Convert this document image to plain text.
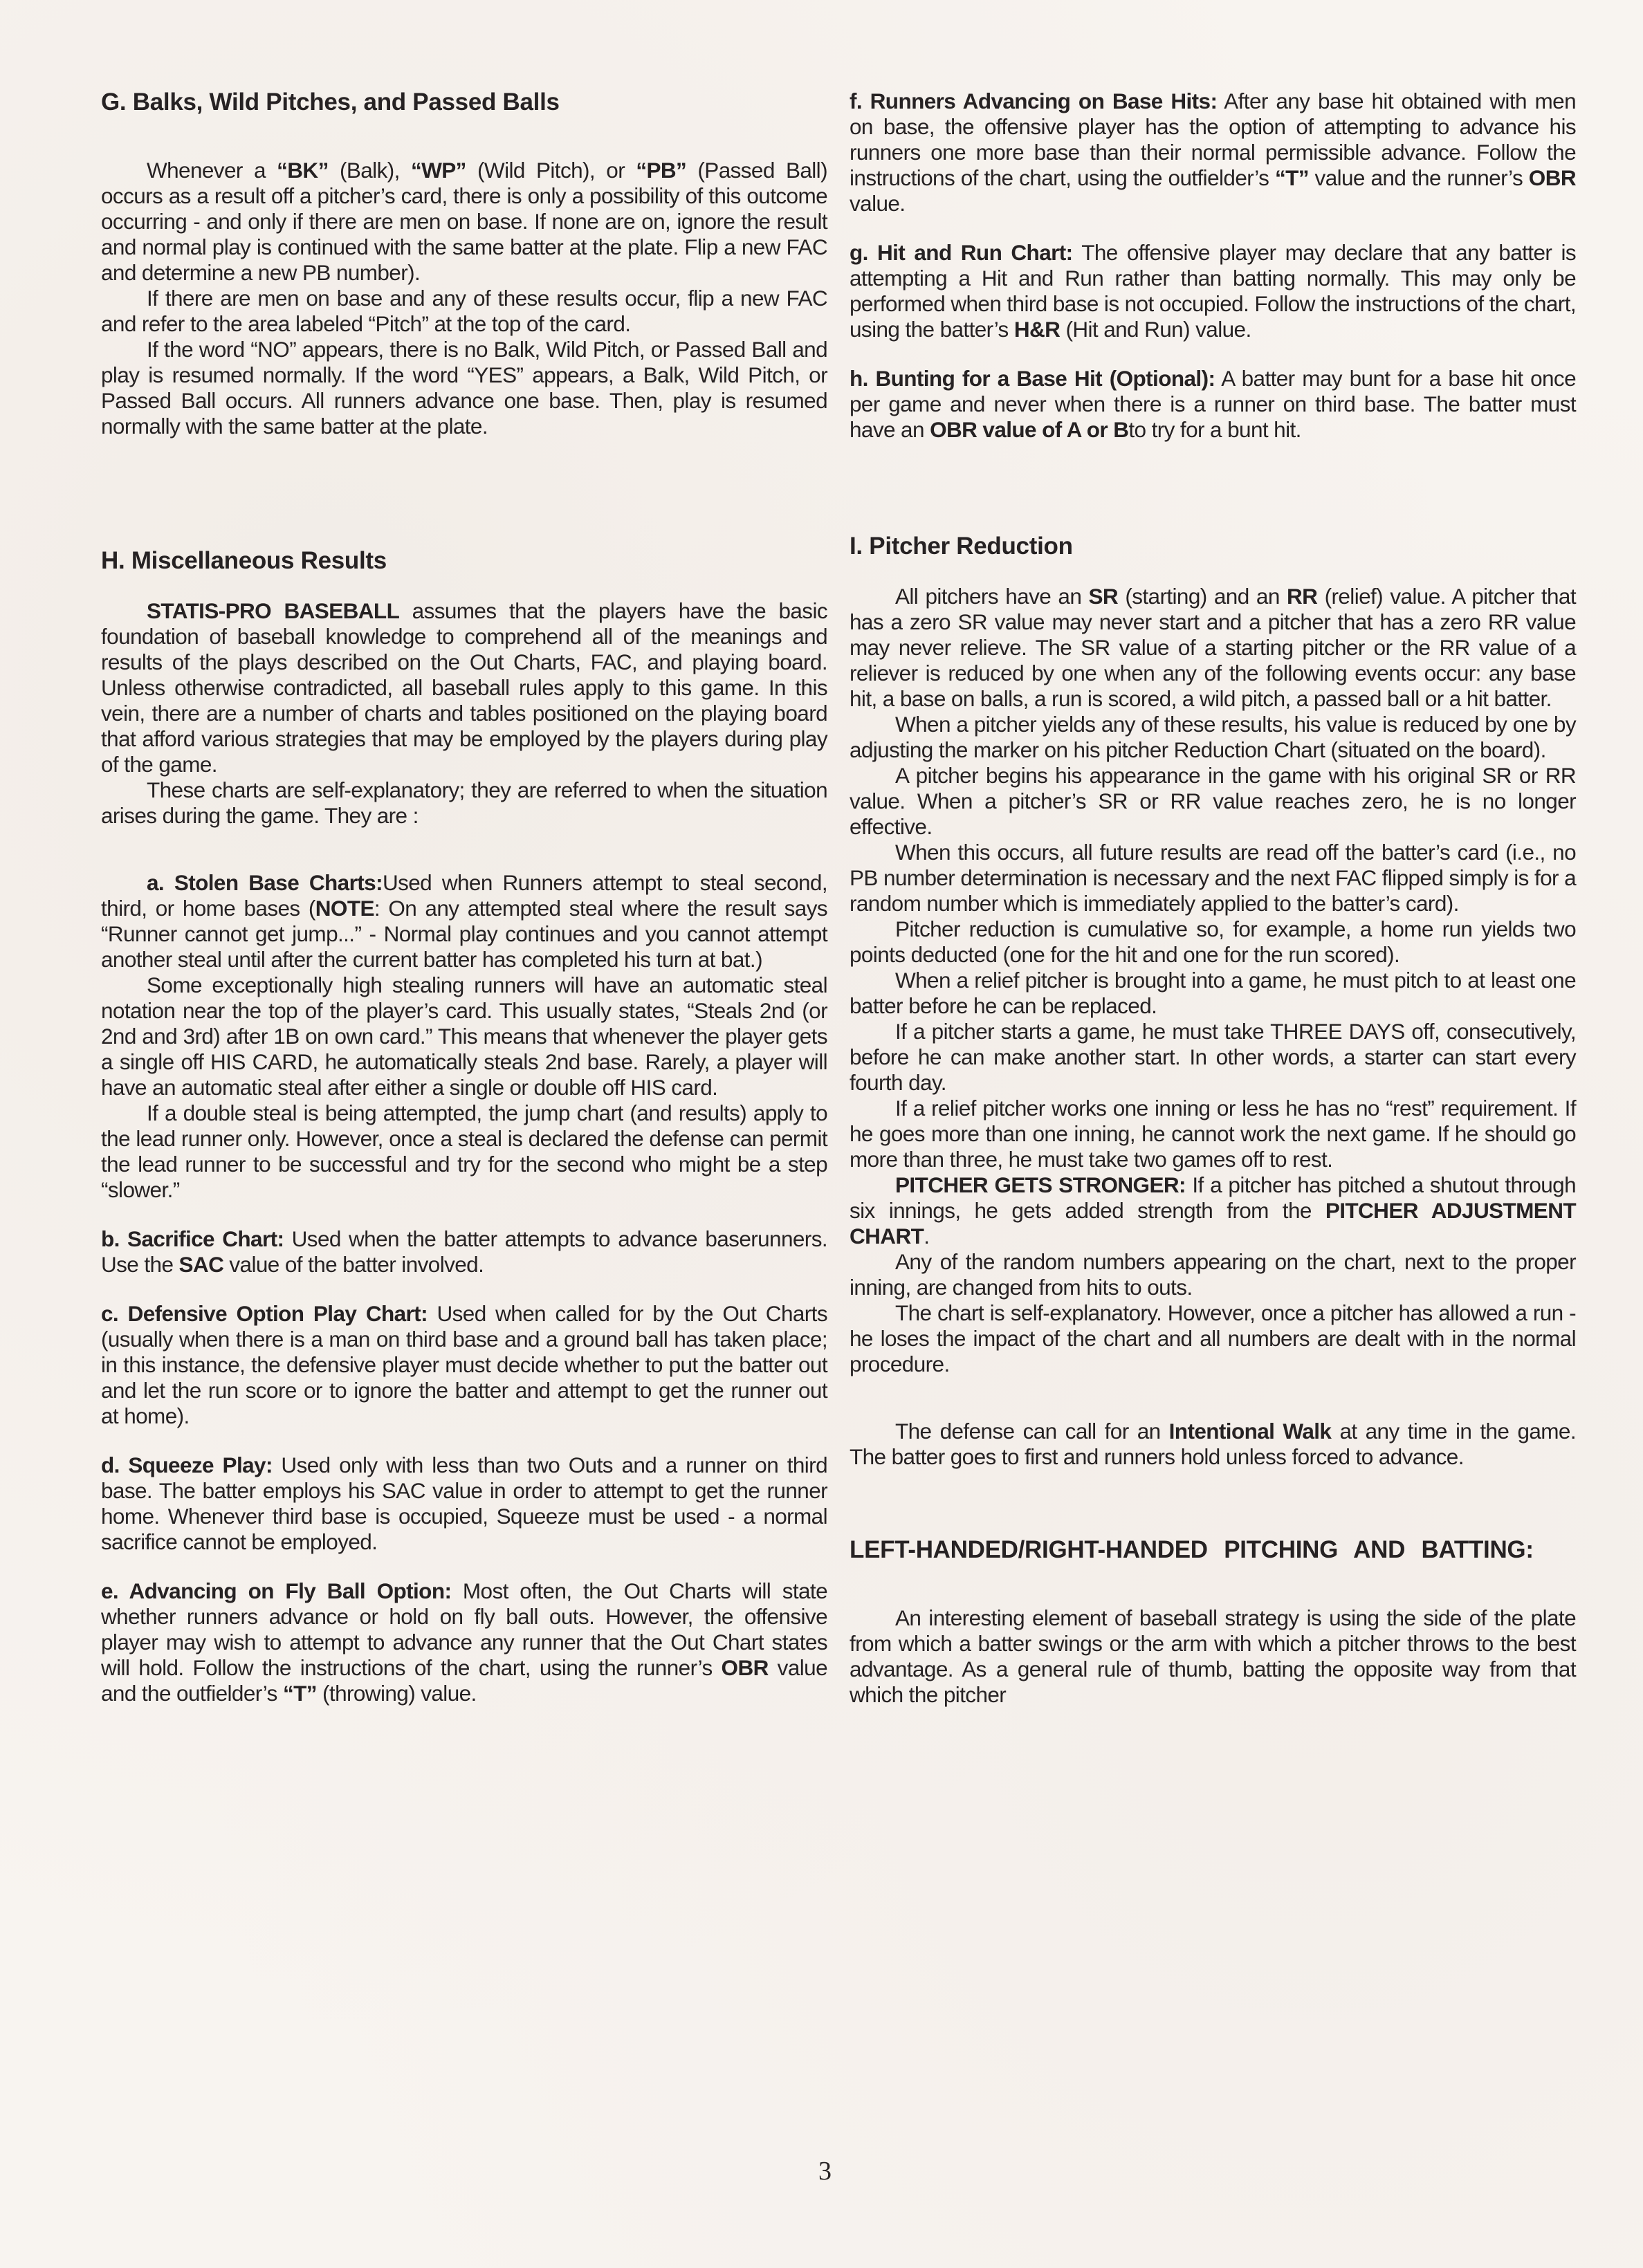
G. Balks, Wild Pitches, and Passed Balls

Whenever a “BK” (Balk), “WP” (Wild Pitch), or “PB” (Passed Ball) occurs as a result off a pitcher’s card, there is only a possibility of this outcome occurring - and only if there are men on base. If none are on, ignore the result and normal play is continued with the same batter at the plate. Flip a new FAC and determine a new PB number).

If there are men on base and any of these results occur, flip a new FAC and refer to the area labeled “Pitch” at the top of the card.

If the word “NO” appears, there is no Balk, Wild Pitch, or Passed Ball and play is resumed normally. If the word “YES” appears, a Balk, Wild Pitch, or Passed Ball occurs. All runners advance one base. Then, play is resumed normally with the same batter at the plate.

H. Miscellaneous Results

STATIS-PRO BASEBALL assumes that the players have the basic foundation of baseball knowledge to comprehend all of the meanings and results of the plays described on the Out Charts, FAC, and playing board. Unless otherwise contradicted, all baseball rules apply to this game. In this vein, there are a number of charts and tables positioned on the playing board that afford various strategies that may be employed by the players during play of the game.

These charts are self-explanatory; they are referred to when the situation arises during the game. They are :

a. Stolen Base Charts:Used when Runners attempt to steal second, third, or home bases (NOTE: On any attempted steal where the result says “Runner cannot get jump...” - Normal play continues and you cannot attempt another steal until after the current batter has completed his turn at bat.)

Some exceptionally high stealing runners will have an automatic steal notation near the top of the player’s card. This usually states, “Steals 2nd (or 2nd and 3rd) after 1B on own card.” This means that whenever the player gets a single off HIS CARD, he automatically steals 2nd base. Rarely, a player will have an automatic steal after either a single or double off HIS card.

If a double steal is being attempted, the jump chart (and results) apply to the lead runner only. However, once a steal is declared the defense can permit the lead runner to be successful and try for the second who might be a step “slower.”

b. Sacrifice Chart: Used when the batter attempts to advance baserunners. Use the SAC value of the batter involved.

c. Defensive Option Play Chart: Used when called for by the Out Charts (usually when there is a man on third base and a ground ball has taken place; in this instance, the defensive player must decide whether to put the batter out and let the run score or to ignore the batter and attempt to get the runner out at home).

d. Squeeze Play: Used only with less than two Outs and a runner on third base. The batter employs his SAC value in order to attempt to get the runner home. Whenever third base is occupied, Squeeze must be used - a normal sacrifice cannot be employed.

e. Advancing on Fly Ball Option: Most often, the Out Charts will state whether runners advance or hold on fly ball outs. However, the offensive player may wish to attempt to advance any runner that the Out Chart states will hold. Follow the instructions of the chart, using the runner’s OBR value and the outfielder’s “T” (throwing) value.

f. Runners Advancing on Base Hits: After any base hit obtained with men on base, the offensive player has the option of attempting to advance his runners one more base than their normal permissible advance. Follow the instructions of the chart, using the outfielder’s “T” value and the runner’s OBR value.

g. Hit and Run Chart: The offensive player may declare that any batter is attempting a Hit and Run rather than batting normally. This may only be performed when third base is not occupied. Follow the instructions of the chart, using the batter’s H&R (Hit and Run) value.

h. Bunting for a Base Hit (Optional): A batter may bunt for a base hit once per game and never when there is a runner on third base. The batter must have an OBR value of A or Bto try for a bunt hit.

I. Pitcher Reduction

All pitchers have an SR (starting) and an RR (relief) value. A pitcher that has a zero SR value may never start and a pitcher that has a zero RR value may never relieve. The SR value of a starting pitcher or the RR value of a reliever is reduced by one when any of the following events occur: any base hit, a base on balls, a run is scored, a wild pitch, a passed ball or a hit batter.

When a pitcher yields any of these results, his value is reduced by one by adjusting the marker on his pitcher Reduction Chart (situated on the board).

A pitcher begins his appearance in the game with his original SR or RR value. When a pitcher’s SR or RR value reaches zero, he is no longer effective.

When this occurs, all future results are read off the batter’s card (i.e., no PB number determination is necessary and the next FAC flipped simply is for a random number which is immediately applied to the batter’s card).

Pitcher reduction is cumulative so, for example, a home run yields two points deducted (one for the hit and one for the run scored).

When a relief pitcher is brought into a game, he must pitch to at least one batter before he can be replaced.

If a pitcher starts a game, he must take THREE DAYS off, consecutively, before he can make another start. In other words, a starter can start every fourth day.

If a relief pitcher works one inning or less he has no “rest” requirement. If he goes more than one inning, he cannot work the next game. If he should go more than three, he must take two games off to rest.

PITCHER GETS STRONGER: If a pitcher has pitched a shutout through six innings, he gets added strength from the PITCHER ADJUSTMENT CHART.

Any of the random numbers appearing on the chart, next to the proper inning, are changed from hits to outs.

The chart is self-explanatory. However, once a pitcher has allowed a run - he loses the impact of the chart and all numbers are dealt with in the normal procedure.

The defense can call for an Intentional Walk at any time in the game. The batter goes to first and runners hold unless forced to advance.

LEFT-HANDED/RIGHT-HANDED PITCHING AND BATTING:

An interesting element of baseball strategy is using the side of the plate from which a batter swings or the arm with which a pitcher throws to the best advantage. As a general rule of thumb, batting the opposite way from that which the pitcher

3
